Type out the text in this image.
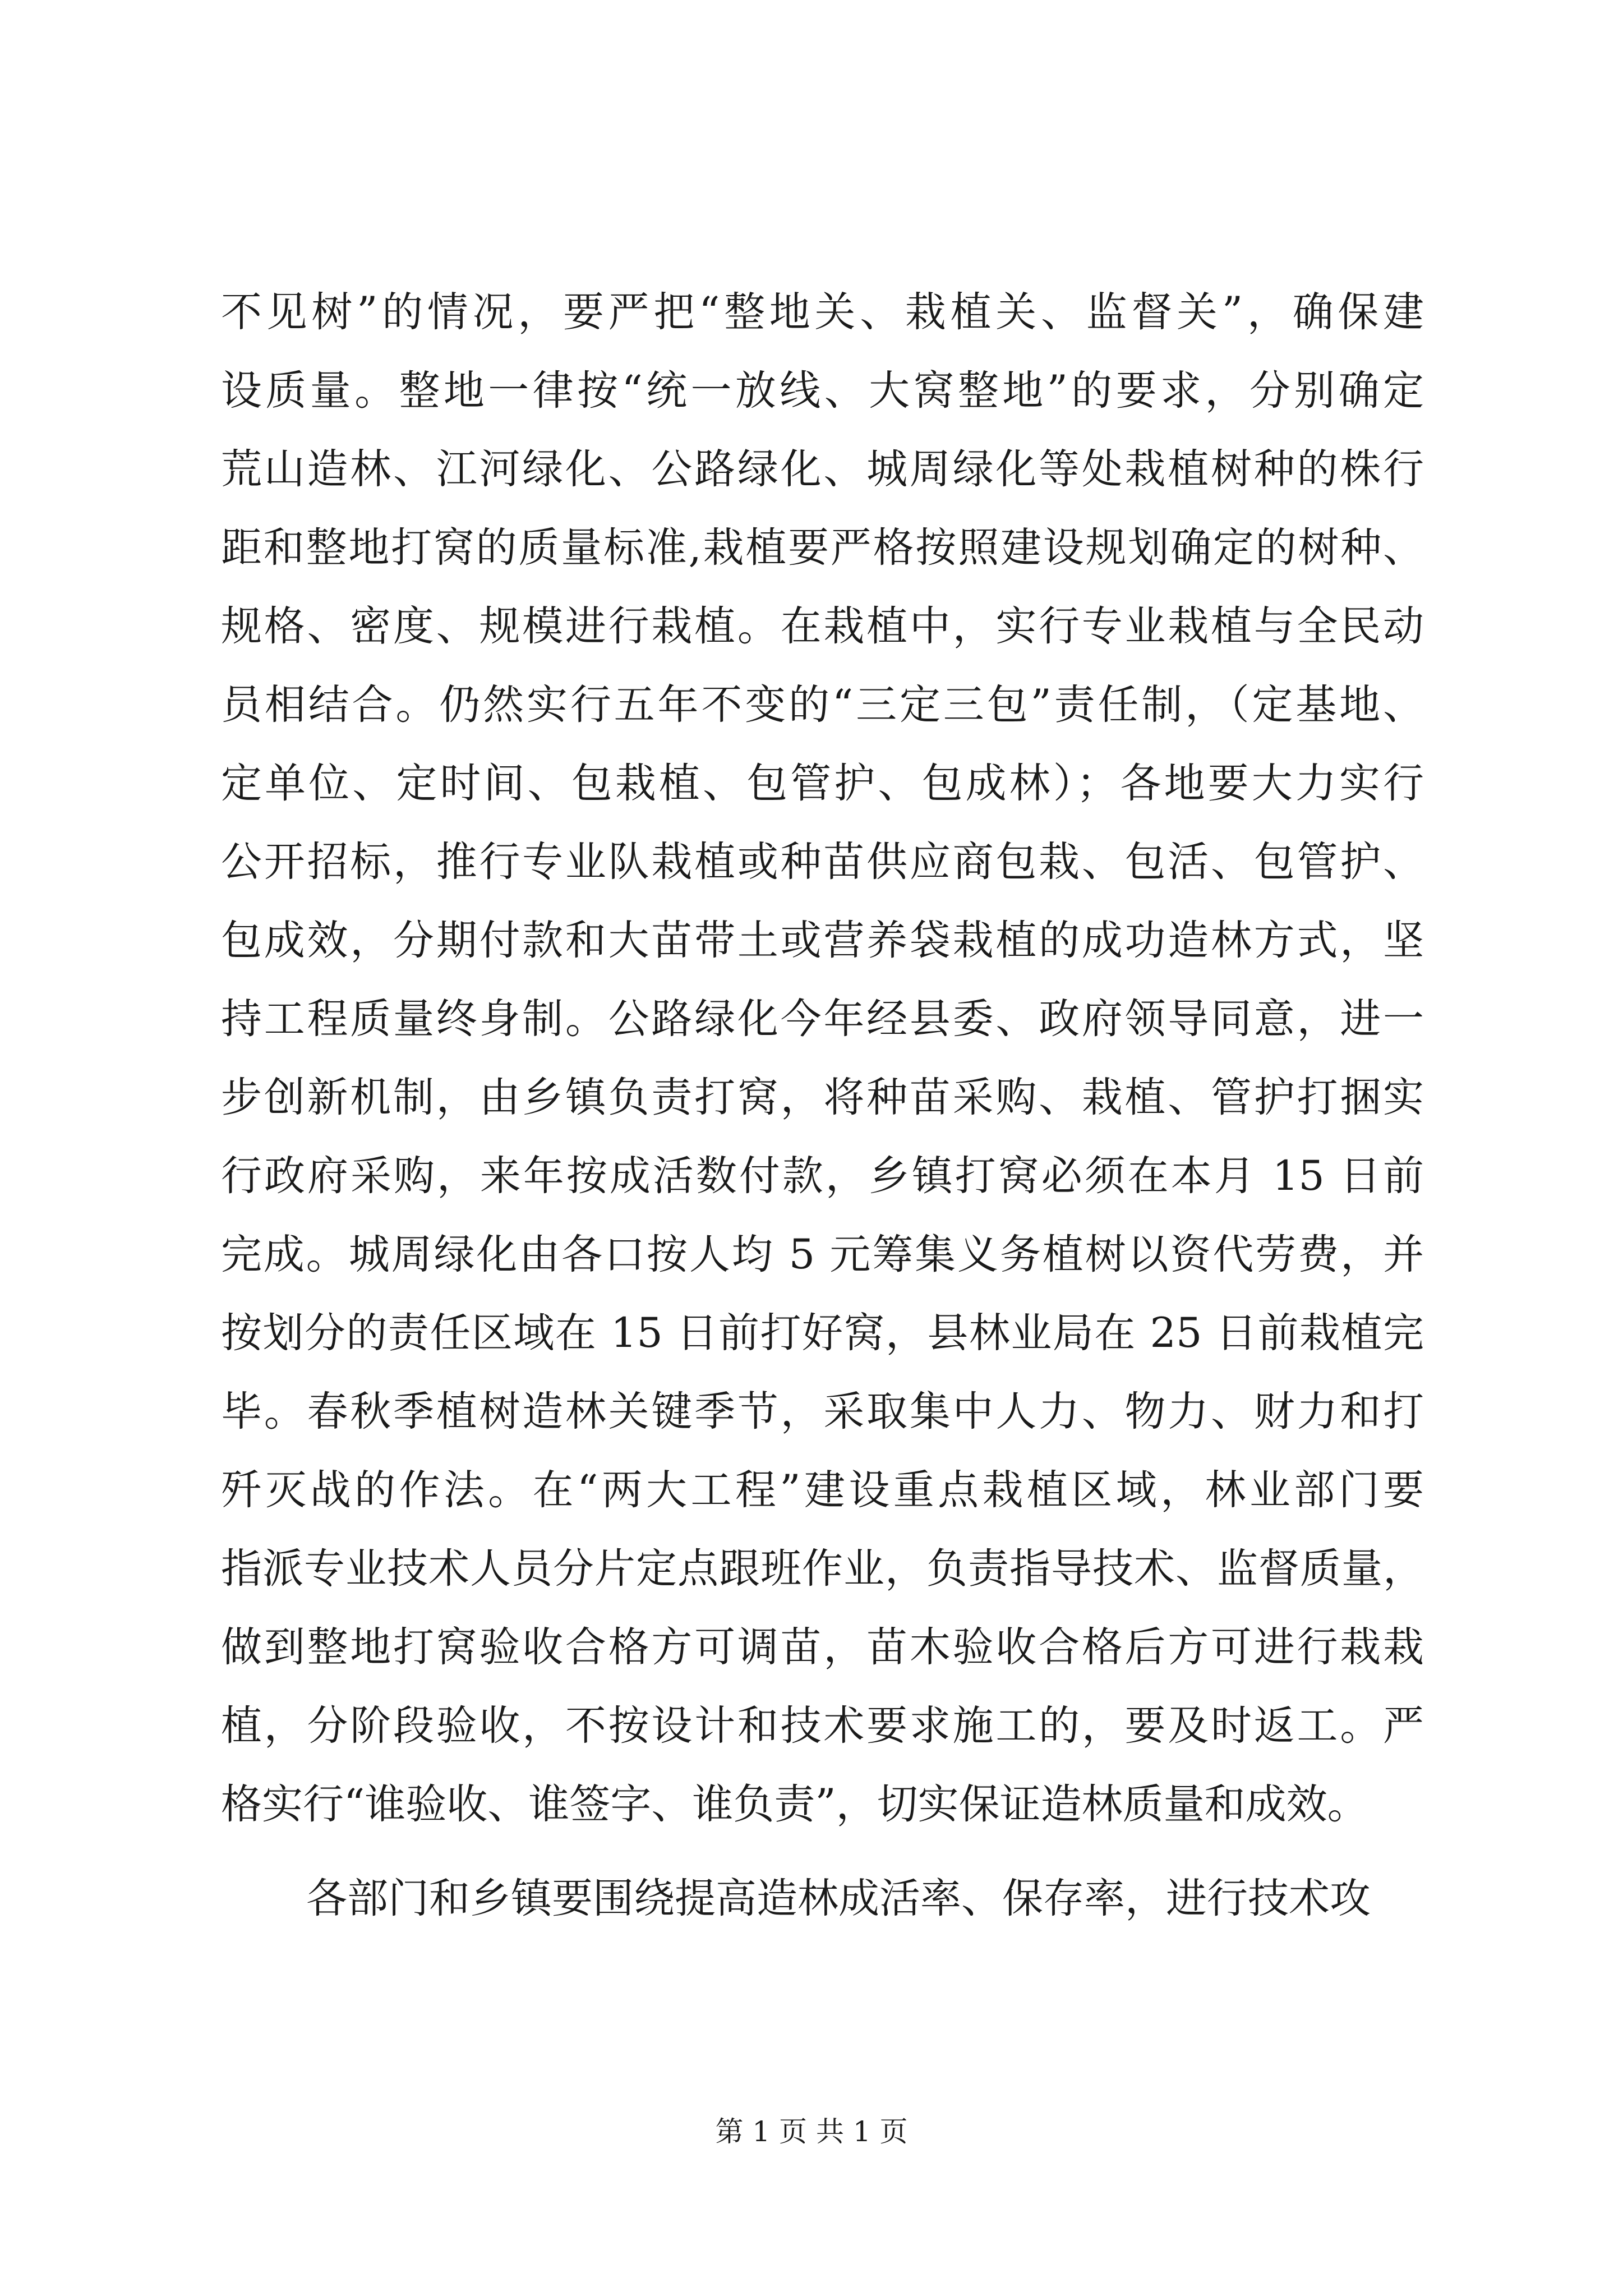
不见树”的情况，要严把“整地关、栽植关、监督关”，确保建
设质量。整地一律按“统一放线、大窝整地”的要求，分别确定
荒山造林、江河绿化、公路绿化、城周绿化等处栽植树种的株行
距和整地打窝的质量标准,栽植要严格按照建设规划确定的树种、
规格、密度、规模进行栽植。在栽植中，实行专业栽植与全民动
员相结合。仍然实行五年不变的“三定三包”责任制，（定基地、
定单位、定时间、包栽植、包管护、包成林）；各地要大力实行
公开招标，推行专业队栽植或种苗供应商包栽、包活、包管护、
包成效，分期付款和大苗带土或营养袋栽植的成功造林方式，坚
持工程质量终身制。公路绿化今年经县委、政府领导同意，进一
步创新机制，由乡镇负责打窝，将种苗采购、栽植、管护打捆实
行政府采购，来年按成活数付款，乡镇打窝必须在本月 15 日前
完成。城周绿化由各口按人均 5 元筹集义务植树以资代劳费，并
按划分的责任区域在 15 日前打好窝，县林业局在 25 日前栽植完
毕。春秋季植树造林关键季节，采取集中人力、物力、财力和打
歼灭战的作法。在“两大工程”建设重点栽植区域，林业部门要
指派专业技术人员分片定点跟班作业，负责指导技术、监督质量，
做到整地打窝验收合格方可调苗，苗木验收合格后方可进行栽栽
植，分阶段验收，不按设计和技术要求施工的，要及时返工。严
格实行“谁验收、谁签字、谁负责”，切实保证造林质量和成效。
各部门和乡镇要围绕提高造林成活率、保存率，进行技术攻
第 1 页 共 1 页
